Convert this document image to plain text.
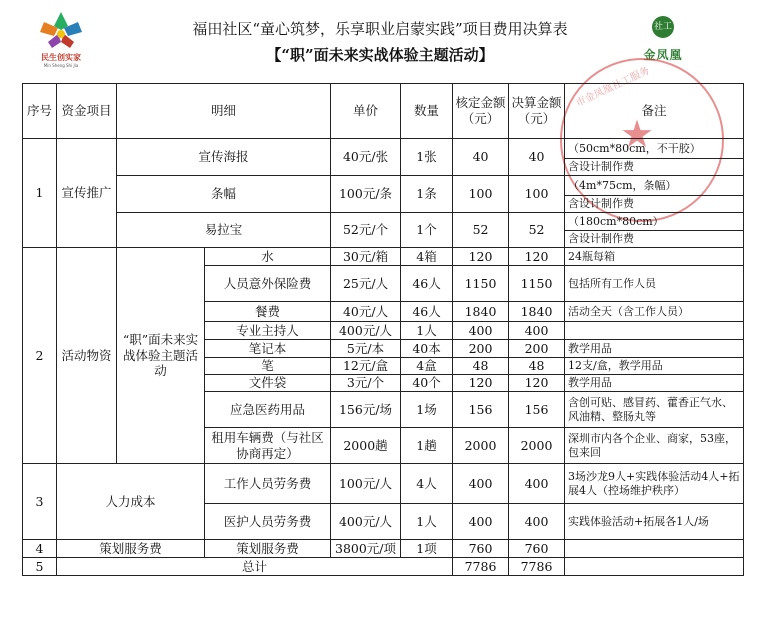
民生创实家
Min Sheng Shi Jia
福田社区“童心筑梦，乐享职业启蒙实践”项目费用决算表
【“职”面未来实战体验主题活动】
社工
金凤凰
★
市金凤凰社工服务
序号	资金项目	明细		单价	数量	核定金额（元）	决算金额（元）	备注
1	宣传推广	宣传海报		40元/张	1张	40	40	（50cm*80cm，不干胶）
								含设计制作费
		条幅		100元/条	1条	100	100	（4m*75cm，条幅）
								含设计制作费
		易拉宝		52元/个	1个	52	52	（180cm*80cm）
								含设计制作费
2	活动物资	“职”面未来实战体验主题活动	水	30元/箱	4箱	120	120	24瓶每箱
			人员意外保险费	25元/人	46人	1150	1150	包括所有工作人员
			餐费	40元/人	46人	1840	1840	活动全天（含工作人员）
			专业主持人	400元/人	1人	400	400	
			笔记本	5元/本	40本	200	200	教学用品
			笔	12元/盒	4盒	48	48	12支/盒，教学用品
			文件袋	3元/个	40个	120	120	教学用品
			应急医药用品	156元/场	1场	156	156	含创可贴、感冒药、藿香正气水、风油精、整肠丸等
			租用车辆费（与社区协商再定）	2000趟	1趟	2000	2000	深圳市内各个企业、商家，53座，包来回
3	人力成本		工作人员劳务费	100元/人	4人	400	400	3场沙龙9人+实践体验活动4人+拓展4人（控场维护秩序）
			医护人员劳务费	400元/人	1人	400	400	实践体验活动+拓展各1人/场
4	策划服务费		策划服务费	3800元/项	1项	760	760	
5	总计					7786	7786	
